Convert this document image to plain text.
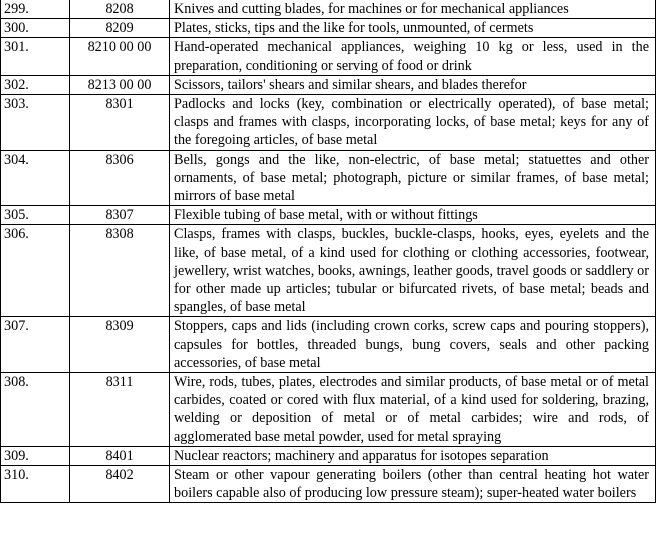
299.	8208	Knives and cutting blades, for machines or for mechanical appliances
300.	8209	Plates, sticks, tips and the like for tools, unmounted, of cermets
301.	8210 00 00	Hand-operated mechanical appliances, weighing 10 kg or less, used in the preparation, conditioning or serving of food or drink
302.	8213 00 00	Scissors, tailors' shears and similar shears, and blades therefor
303.	8301	Padlocks and locks (key, combination or electrically operated), of base metal; clasps and frames with clasps, incorporating locks, of base metal; keys for any of the foregoing articles, of base metal
304.	8306	Bells, gongs and the like, non-electric, of base metal; statuettes and other ornaments, of base metal; photograph, picture or similar frames, of base metal; mirrors of base metal
305.	8307	Flexible tubing of base metal, with or without fittings
306.	8308	Clasps, frames with clasps, buckles, buckle-clasps, hooks, eyes, eyelets and the like, of base metal, of a kind used for clothing or clothing accessories, footwear, jewellery, wrist watches, books, awnings, leather goods, travel goods or saddlery or for other made up articles; tubular or bifurcated rivets, of base metal; beads and spangles, of base metal
307.	8309	Stoppers, caps and lids (including crown corks, screw caps and pouring stoppers), capsules for bottles, threaded bungs, bung covers, seals and other packing accessories, of base metal
308.	8311	Wire, rods, tubes, plates, electrodes and similar products, of base metal or of metal carbides, coated or cored with flux material, of a kind used for soldering, brazing, welding or deposition of metal or of metal carbides; wire and rods, of agglomerated base metal powder, used for metal spraying
309.	8401	Nuclear reactors; machinery and apparatus for isotopes separation
310.	8402	Steam or other vapour generating boilers (other than central heating hot water boilers capable also of producing low pressure steam); super-heated water boilers
